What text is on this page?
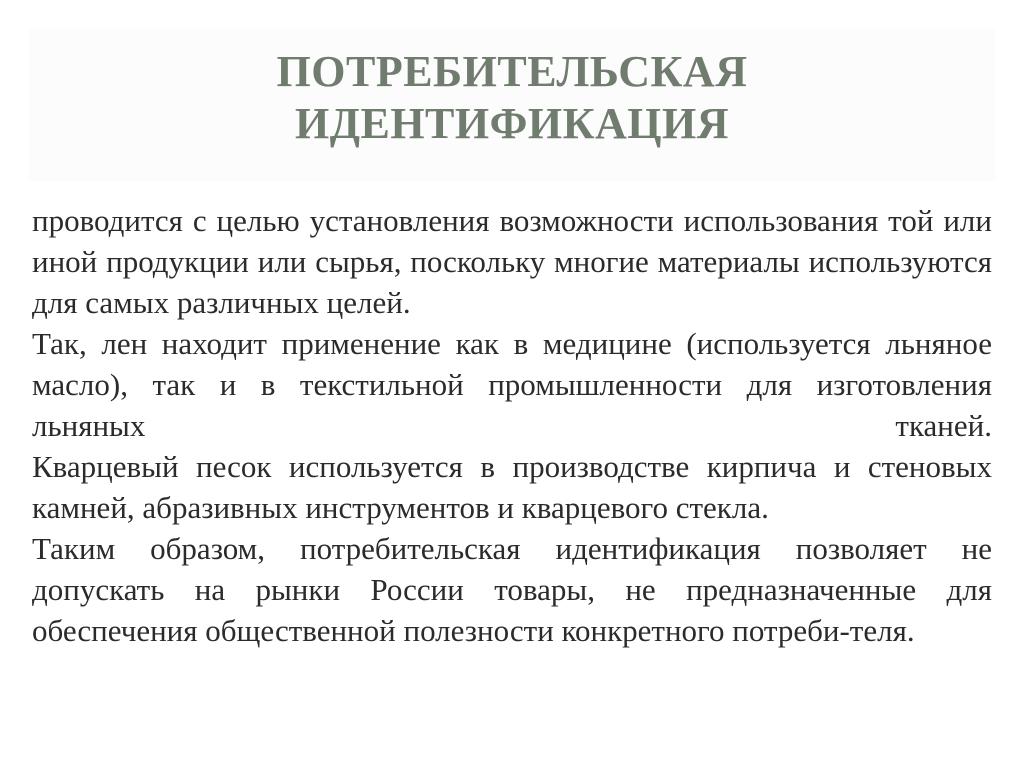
ПОТРЕБИТЕЛЬСКАЯ
ИДЕНТИФИКАЦИЯ

проводится с целью установления возможности использования той или иной продукции или сырья, поскольку многие материалы используются для самых различных целей.

Так, лен находит применение как в медицине (используется льняное масло), так и в текстильной промышленности для изготовления льняных тканей.

Кварцевый песок используется в производстве кирпича и стеновых камней, абразивных инструментов и кварцевого стекла.

Таким образом, потребительская идентификация позволяет не допускать на рынки России товары, не предназначенные для обеспечения общественной полезности конкретного потреби-теля.
